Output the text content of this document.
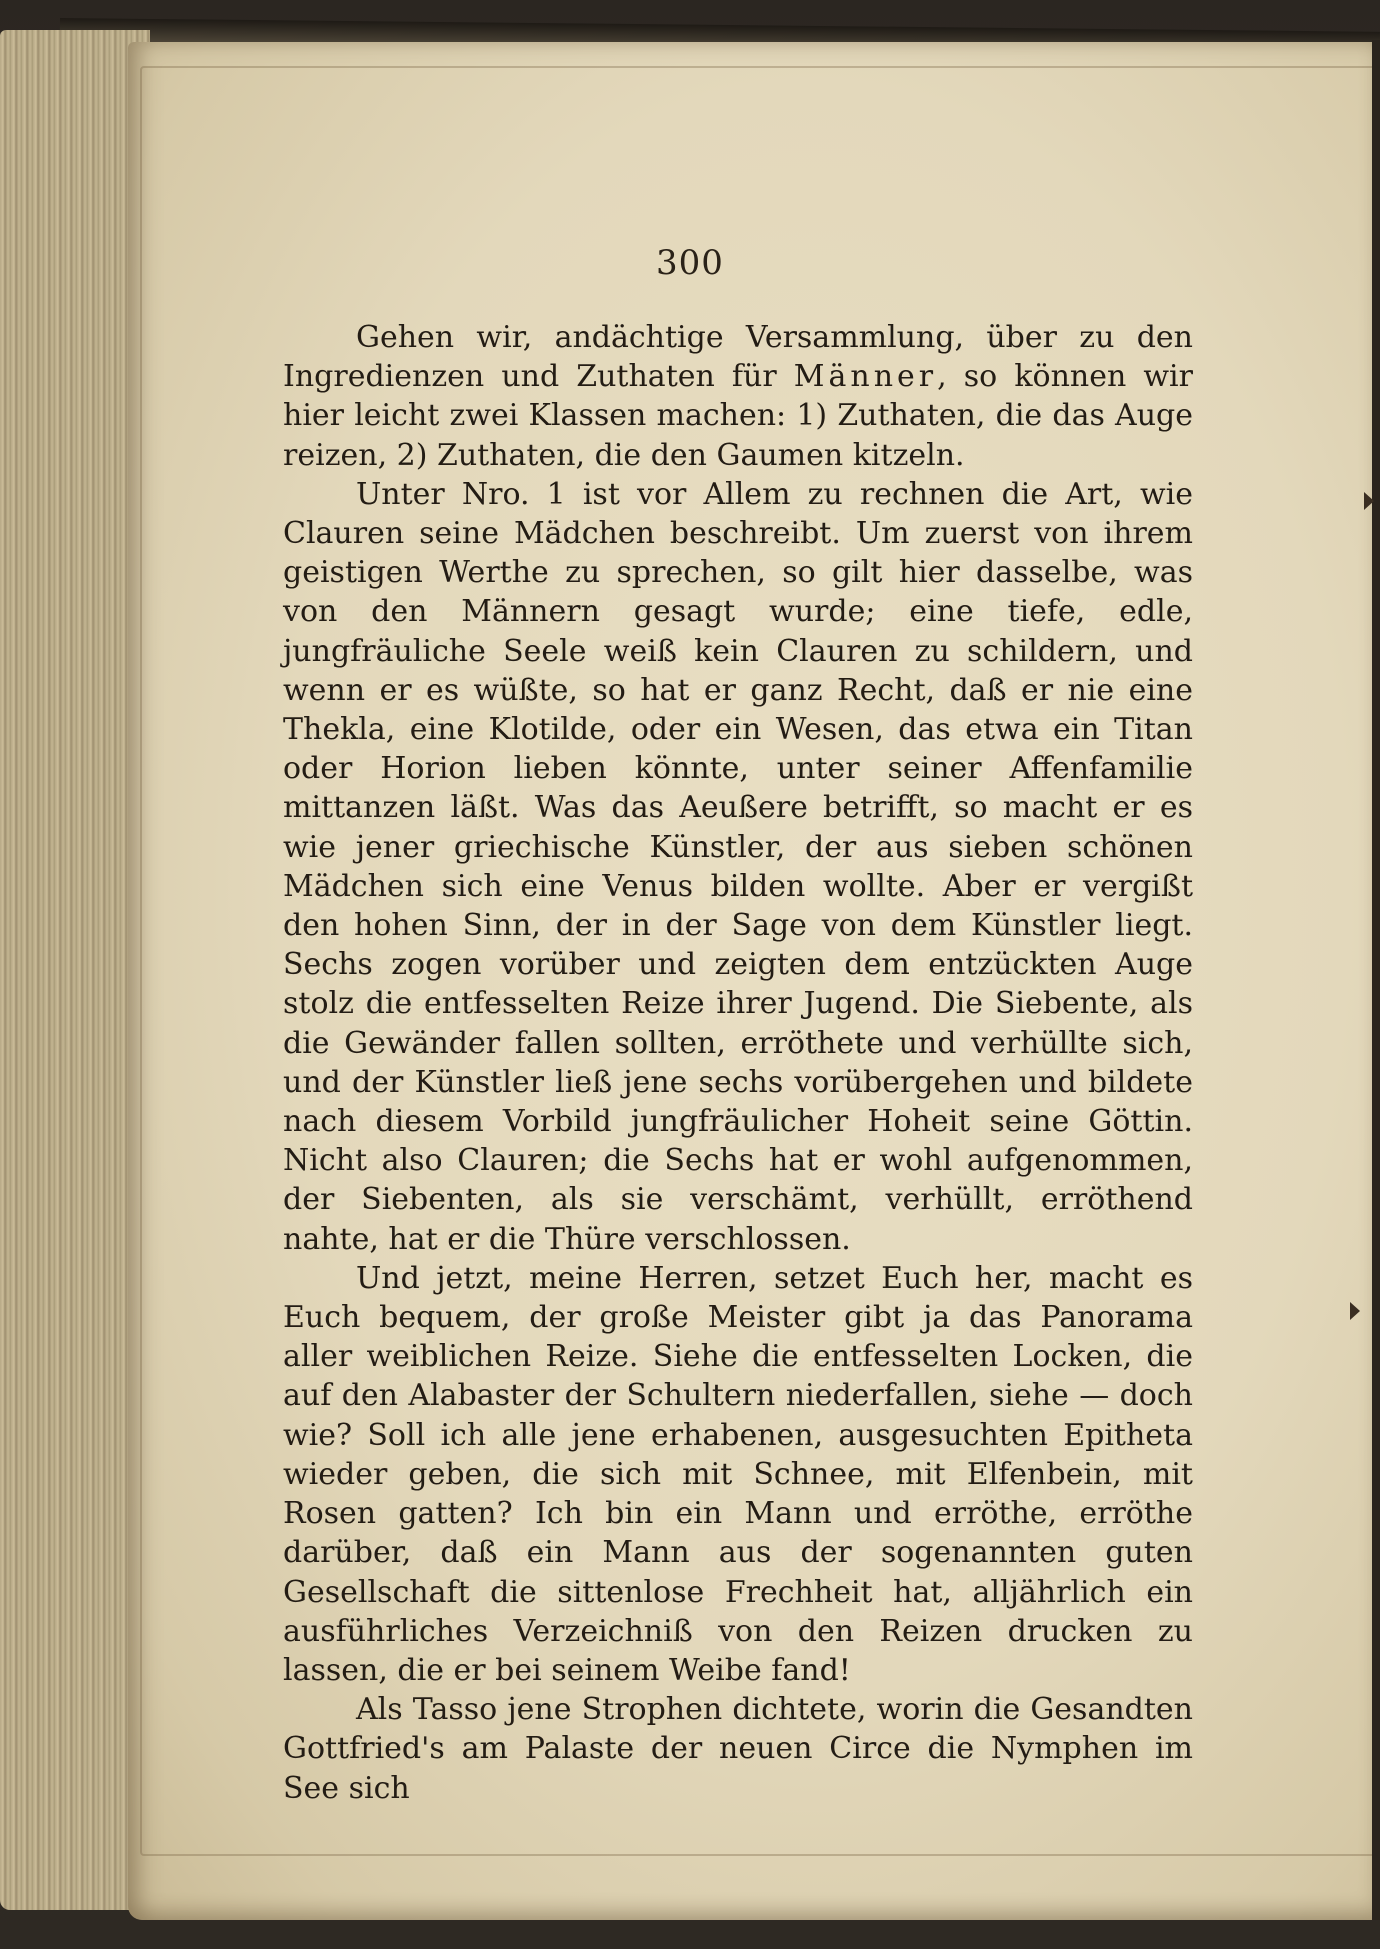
300

Gehen wir, andächtige Versammlung, über zu den Ingredienzen und Zuthaten für Männer, so können wir hier leicht zwei Klassen machen: 1) Zuthaten, die das Auge reizen, 2) Zuthaten, die den Gaumen kitzeln.

Unter Nro. 1 ist vor Allem zu rechnen die Art, wie Clauren seine Mädchen beschreibt. Um zuerst von ihrem geistigen Werthe zu sprechen, so gilt hier dasselbe, was von den Männern gesagt wurde; eine tiefe, edle, jungfräuliche Seele weiß kein Clauren zu schildern, und wenn er es wüßte, so hat er ganz Recht, daß er nie eine Thekla, eine Klotilde, oder ein Wesen, das etwa ein Titan oder Horion lieben könnte, unter seiner Affenfamilie mittanzen läßt. Was das Aeußere betrifft, so macht er es wie jener griechische Künstler, der aus sieben schönen Mädchen sich eine Venus bilden wollte. Aber er vergißt den hohen Sinn, der in der Sage von dem Künstler liegt. Sechs zogen vorüber und zeigten dem entzückten Auge stolz die entfesselten Reize ihrer Jugend. Die Siebente, als die Gewänder fallen sollten, erröthete und verhüllte sich, und der Künstler ließ jene sechs vorübergehen und bildete nach diesem Vorbild jungfräulicher Hoheit seine Göttin. Nicht also Clauren; die Sechs hat er wohl aufgenommen, der Siebenten, als sie verschämt, verhüllt, erröthend nahte, hat er die Thüre verschlossen.

Und jetzt, meine Herren, setzet Euch her, macht es Euch bequem, der große Meister gibt ja das Panorama aller weiblichen Reize. Siehe die entfesselten Locken, die auf den Alabaster der Schultern niederfallen, siehe — doch wie? Soll ich alle jene erhabenen, ausgesuchten Epitheta wieder geben, die sich mit Schnee, mit Elfenbein, mit Rosen gatten? Ich bin ein Mann und erröthe, erröthe darüber, daß ein Mann aus der sogenannten guten Gesellschaft die sittenlose Frechheit hat, alljährlich ein ausführliches Verzeichniß von den Reizen drucken zu lassen, die er bei seinem Weibe fand!

Als Tasso jene Strophen dichtete, worin die Gesandten Gottfried's am Palaste der neuen Circe die Nymphen im See sich
